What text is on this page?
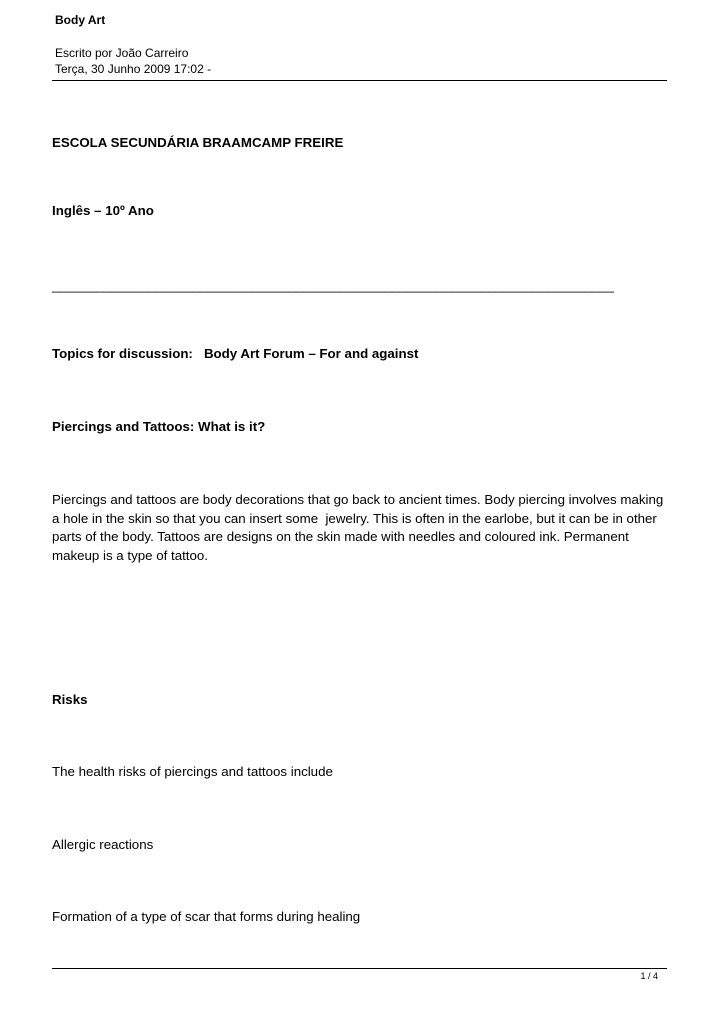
Body Art
Escrito por João Carreiro
Terça, 30 Junho 2009 17:02 -
ESCOLA SECUNDÁRIA BRAAMCAMP FREIRE
Inglês – 10º Ano
____________________________________________________________________________
Topics for discussion:   Body Art Forum – For and against
Piercings and Tattoos: What is it?
Piercings and tattoos are body decorations that go back to ancient times. Body piercing involves making a hole in the skin so that you can insert some  jewelry. This is often in the earlobe, but it can be in other parts of the body. Tattoos are designs on the skin made with needles and coloured ink. Permanent makeup is a type of tattoo.
Risks
The health risks of piercings and tattoos include
Allergic reactions
Formation of a type of scar that forms during healing
1 / 4
